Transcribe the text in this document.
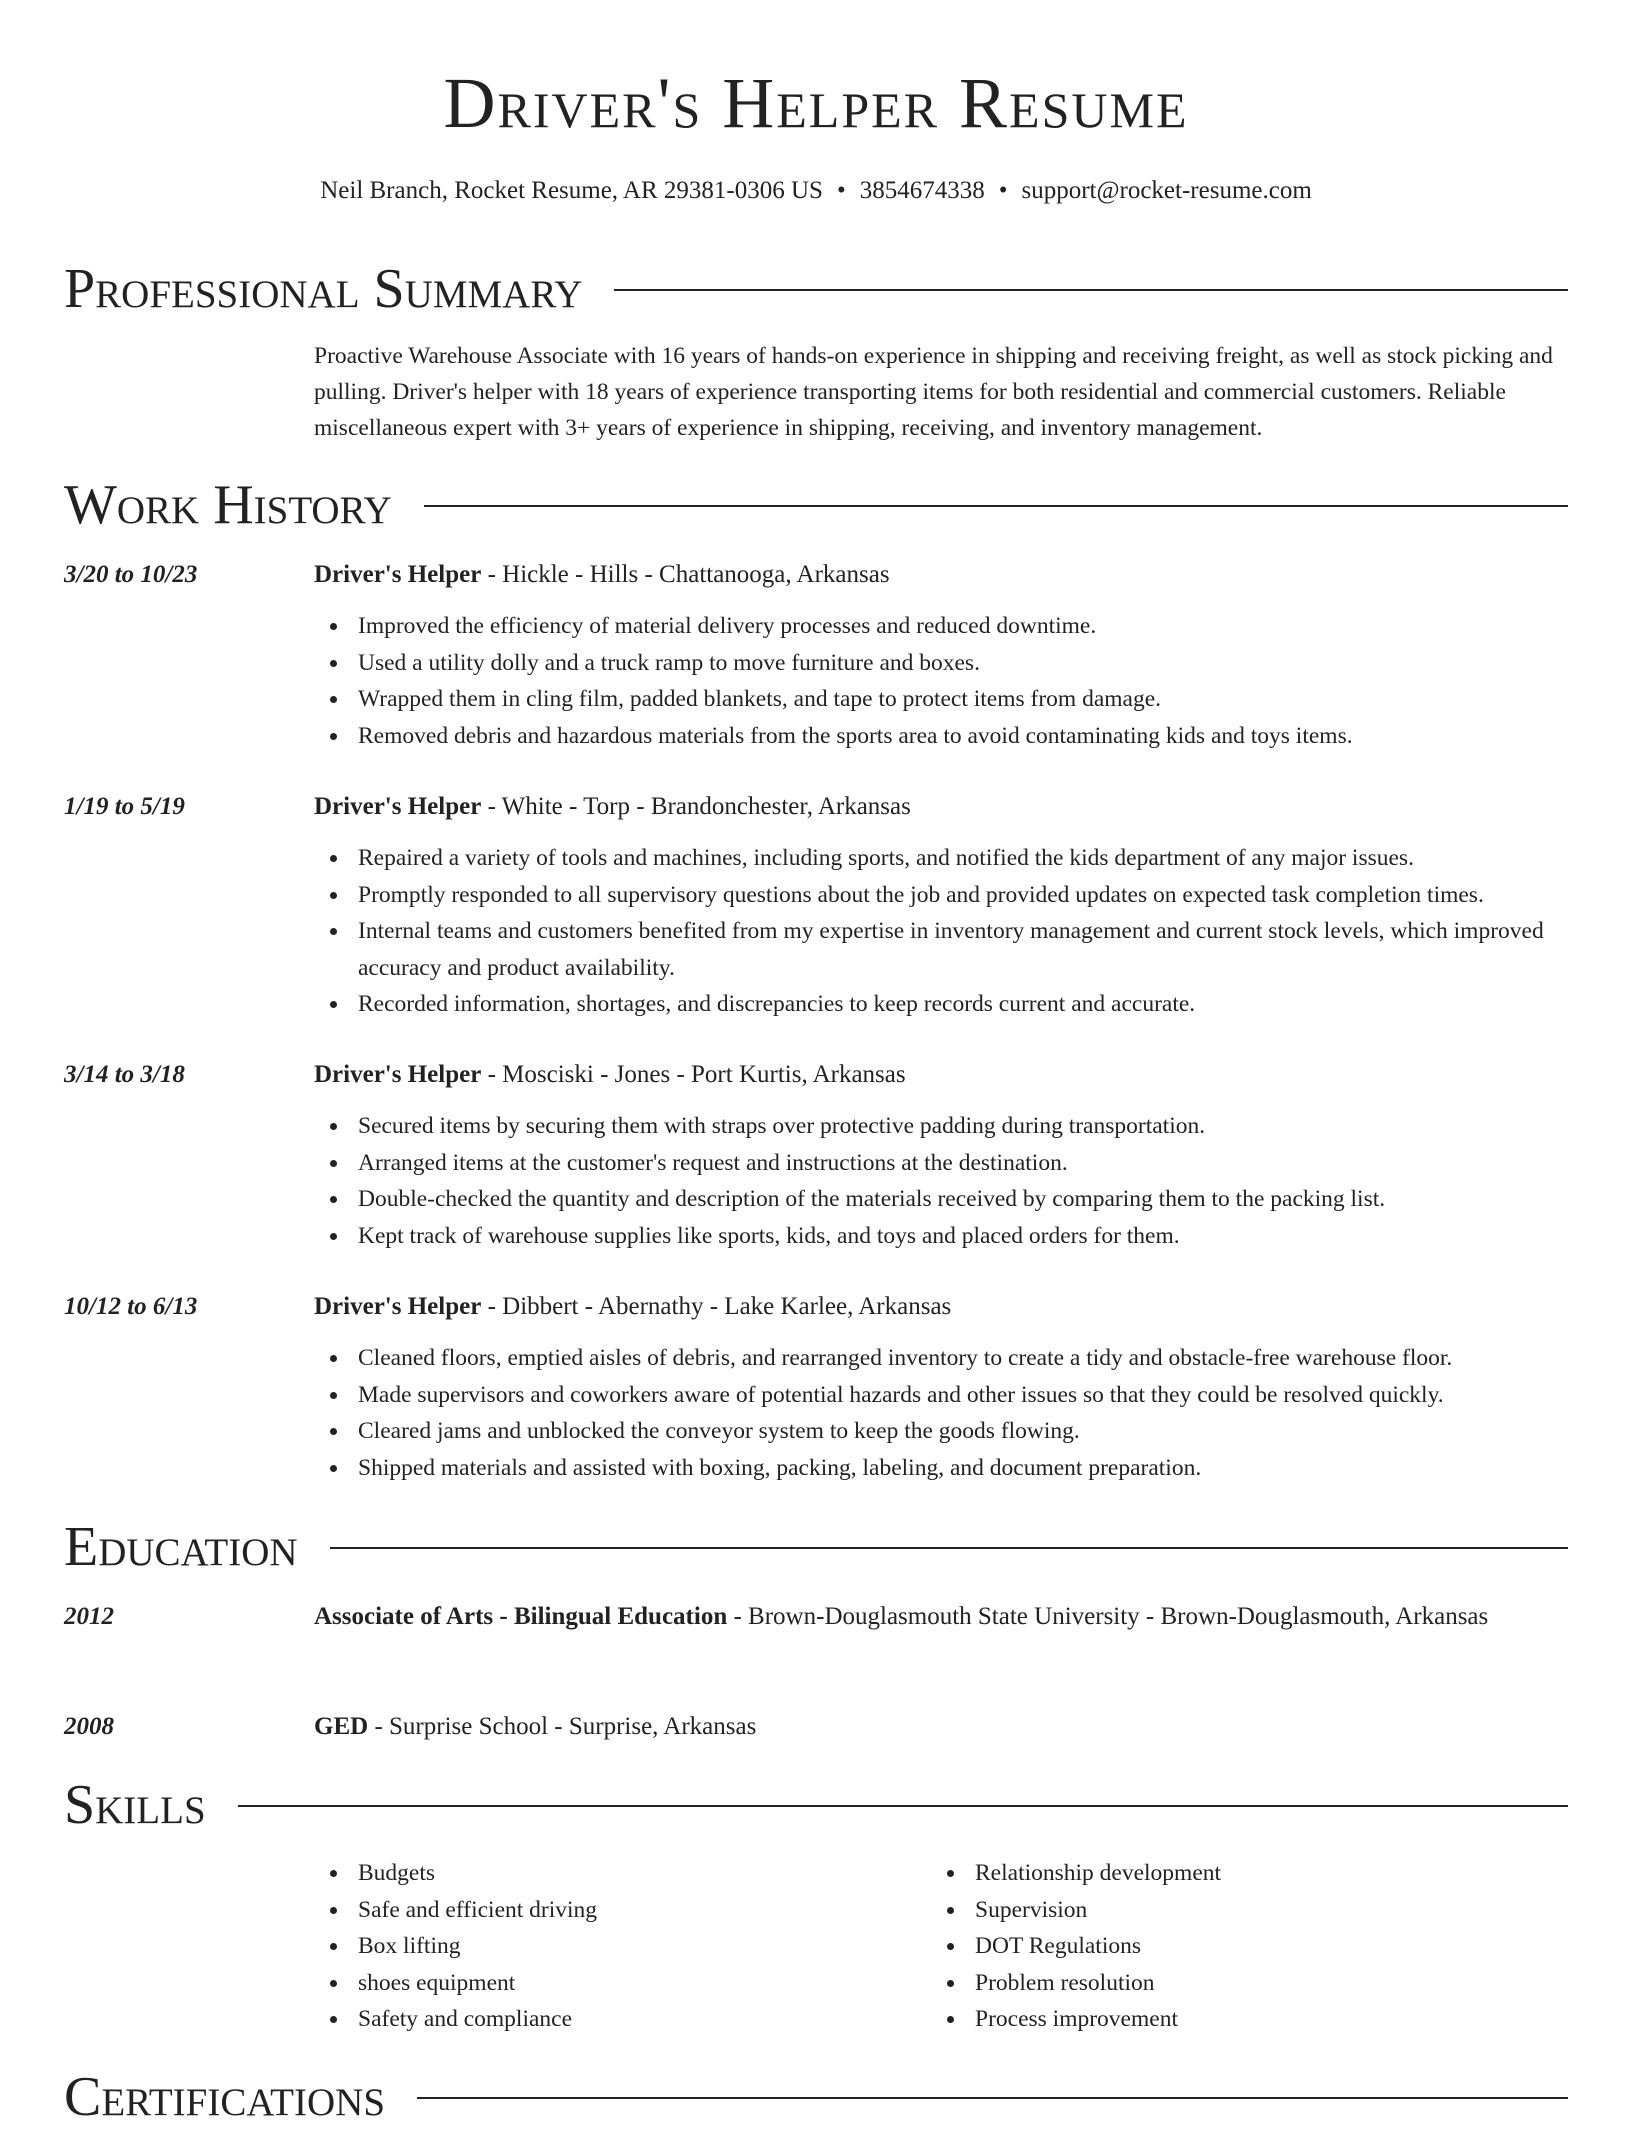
Driver's Helper Resume
Neil Branch, Rocket Resume, AR 29381-0306 US • 3854674338 • support@rocket-resume.com
Professional Summary
Proactive Warehouse Associate with 16 years of hands-on experience in shipping and receiving freight, as well as stock picking and pulling. Driver's helper with 18 years of experience transporting items for both residential and commercial customers. Reliable miscellaneous expert with 3+ years of experience in shipping, receiving, and inventory management.
Work History
3/20 to 10/23	Driver's Helper - Hickle - Hills - Chattanooga, Arkansas
Improved the efficiency of material delivery processes and reduced downtime.
Used a utility dolly and a truck ramp to move furniture and boxes.
Wrapped them in cling film, padded blankets, and tape to protect items from damage.
Removed debris and hazardous materials from the sports area to avoid contaminating kids and toys items.
1/19 to 5/19	Driver's Helper - White - Torp - Brandonchester, Arkansas
Repaired a variety of tools and machines, including sports, and notified the kids department of any major issues.
Promptly responded to all supervisory questions about the job and provided updates on expected task completion times.
Internal teams and customers benefited from my expertise in inventory management and current stock levels, which improved accuracy and product availability.
Recorded information, shortages, and discrepancies to keep records current and accurate.
3/14 to 3/18	Driver's Helper - Mosciski - Jones - Port Kurtis, Arkansas
Secured items by securing them with straps over protective padding during transportation.
Arranged items at the customer's request and instructions at the destination.
Double-checked the quantity and description of the materials received by comparing them to the packing list.
Kept track of warehouse supplies like sports, kids, and toys and placed orders for them.
10/12 to 6/13	Driver's Helper - Dibbert - Abernathy - Lake Karlee, Arkansas
Cleaned floors, emptied aisles of debris, and rearranged inventory to create a tidy and obstacle-free warehouse floor.
Made supervisors and coworkers aware of potential hazards and other issues so that they could be resolved quickly.
Cleared jams and unblocked the conveyor system to keep the goods flowing.
Shipped materials and assisted with boxing, packing, labeling, and document preparation.
Education
2012	Associate of Arts - Bilingual Education - Brown-Douglasmouth State University - Brown-Douglasmouth, Arkansas
2008	GED - Surprise School - Surprise, Arkansas
Skills
Budgets
Safe and efficient driving
Box lifting
shoes equipment
Safety and compliance
Relationship development
Supervision
DOT Regulations
Problem resolution
Process improvement
Certifications
